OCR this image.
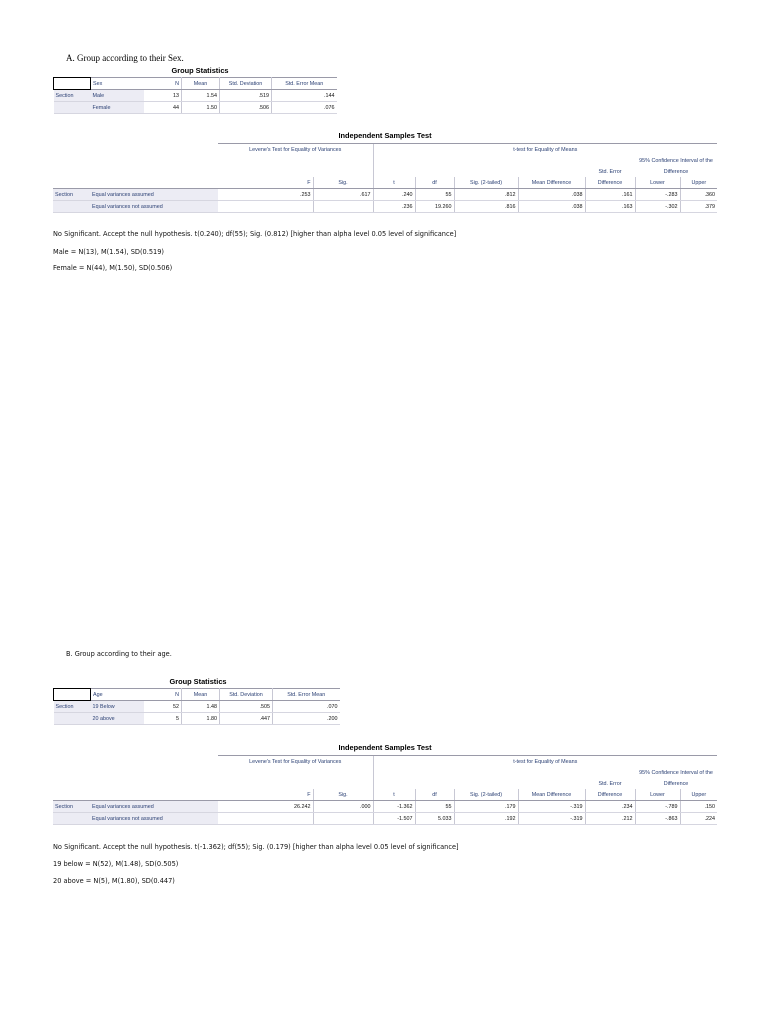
A. Group according to their Sex.
Group Statistics
	Sex	N	Mean	Std. Deviation	Std. Error Mean
Section	Male	13	1.54	.519	.144
	Female	44	1.50	.506	.076
Independent Samples Test
		Levene's Test for Equality of Variances		t-test for Equality of Means						
									95% Confidence Interval of the	
								Std. Error	Difference	
		F	Sig.	t	df	Sig. (2-tailed)	Mean Difference	Difference	Lower	Upper
Section	Equal variances assumed	.253	.617	.240	55	.812	.038	.161	-.283	.360
	Equal variances not assumed			.236	19.260	.816	.038	.163	-.302	.379
No Significant. Accept the null hypothesis. t(0.240); df(55); Sig. (0.812) [higher than alpha level 0.05 level of significance]
Male = N(13), M(1.54), SD(0.519)
Female = N(44), M(1.50), SD(0.506)
B. Group according to their age.
Group Statistics
	Age	N	Mean	Std. Deviation	Std. Error Mean
Section	19 Below	52	1.48	.505	.070
	20 above	5	1.80	.447	.200
Independent Samples Test
		Levene's Test for Equality of Variances		t-test for Equality of Means						
									95% Confidence Interval of the	
								Std. Error	Difference	
		F	Sig.	t	df	Sig. (2-tailed)	Mean Difference	Difference	Lower	Upper
Section	Equal variances assumed	26.242	.000	-1.362	55	.179	-.319	.234	-.789	.150
	Equal variances not assumed			-1.507	5.033	.192	-.319	.212	-.863	.224
No Significant. Accept the null hypothesis. t(-1.362); df(55); Sig. (0.179) [higher than alpha level 0.05 level of significance]
19 below = N(52), M(1.48), SD(0.505)
20 above = N(5), M(1.80), SD(0.447)
